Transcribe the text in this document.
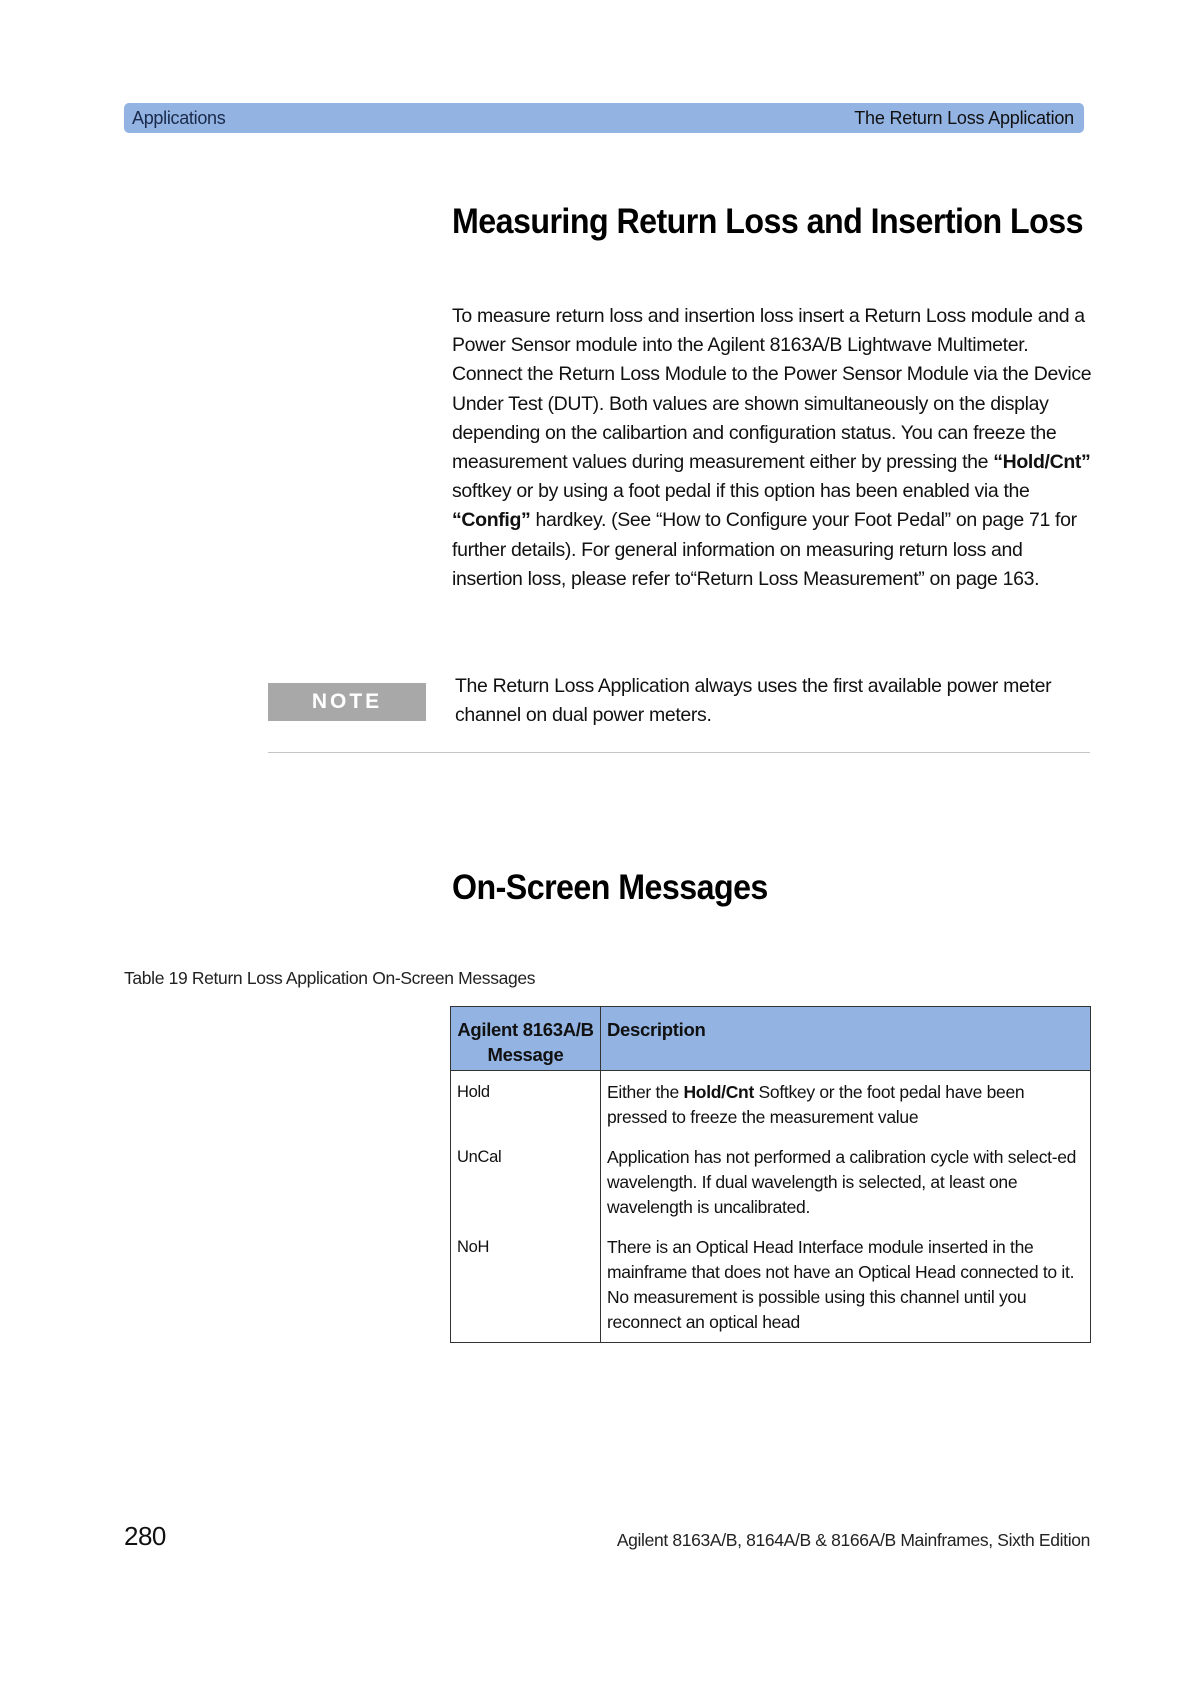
Applications	The Return Loss Application
Measuring Return Loss and Insertion Loss

To measure return loss and insertion loss insert a Return Loss module and a Power Sensor module into the Agilent 8163A/B Lightwave Multimeter. Connect the Return Loss Module to the Power Sensor Module via the Device Under Test (DUT). Both values are shown simultaneously on the display depending on the calibartion and configuration status. You can freeze the measurement values during measurement either by pressing the “Hold/Cnt” softkey or by using a foot pedal if this option has been enabled via the “Config” hardkey. (See “How to Configure your Foot Pedal” on page 71 for further details). For general information on measuring return loss and insertion loss, please refer to“Return Loss Measurement” on page 163.

NOTE

The Return Loss Application always uses the first available power meter channel on dual power meters.

On-Screen Messages
Table 19 Return Loss Application On-Screen Messages
Agilent 8163A/B Message	Description
Hold	Either the Hold/Cnt Softkey or the foot pedal have been pressed to freeze the measurement value
UnCal	Application has not performed a calibration cycle with select-ed wavelength. If dual wavelength is selected, at least one wavelength is uncalibrated.
NoH	There is an Optical Head Interface module inserted in the mainframe that does not have an Optical Head connected to it. No measurement is possible using this channel until you reconnect an optical head
280	Agilent 8163A/B, 8164A/B & 8166A/B Mainframes, Sixth Edition
